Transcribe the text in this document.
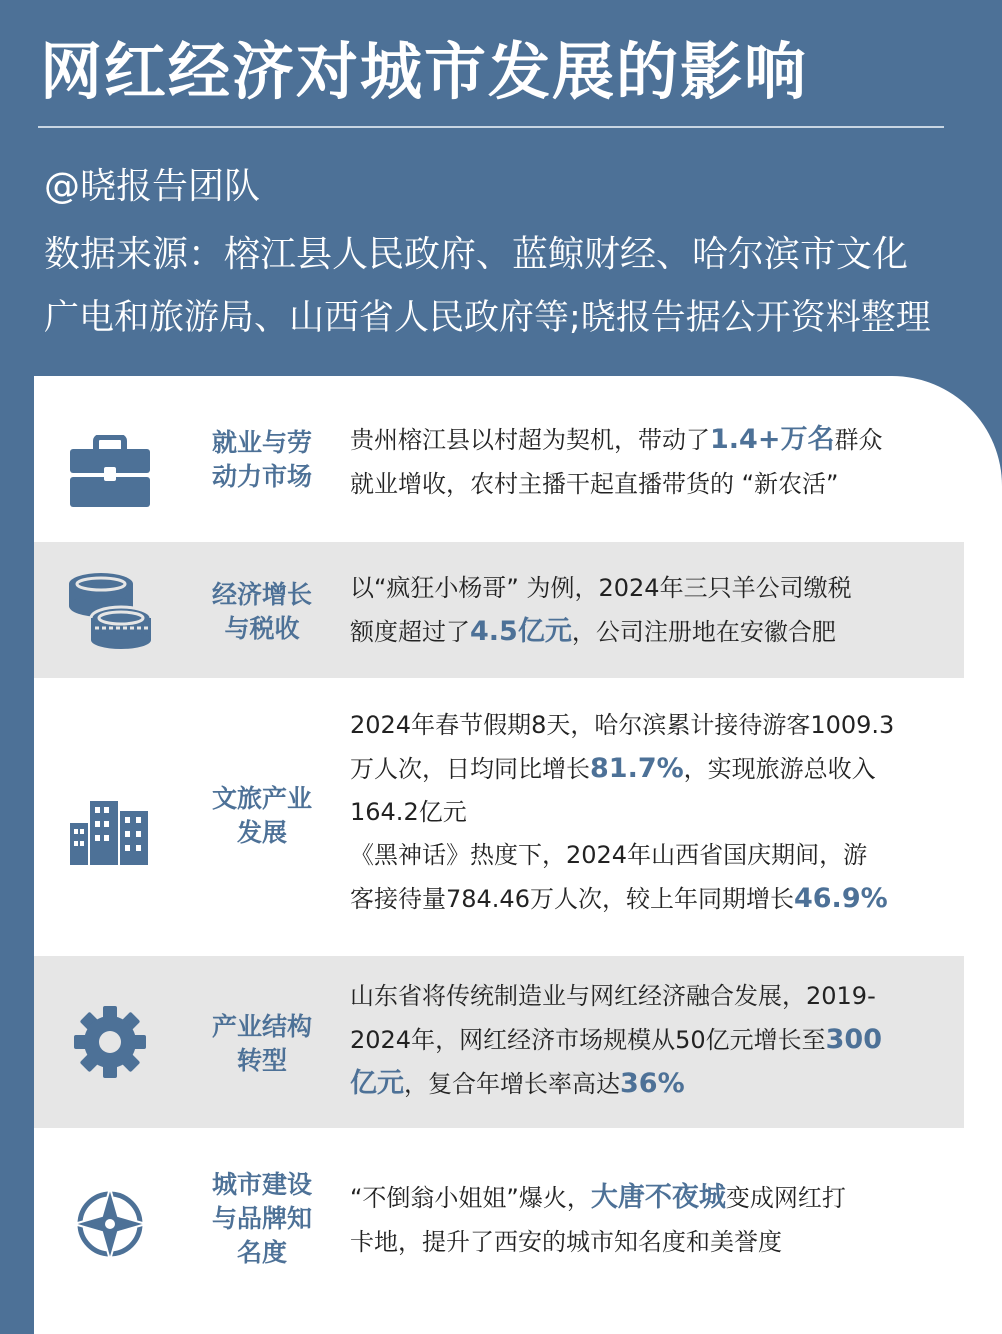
网红经济对城市发展的影响
@晓报告团队
数据来源：榕江县人民政府、蓝鲸财经、哈尔滨市文化
广电和旅游局、山西省人民政府等;晓报告据公开资料整理
就业与劳
动力市场

贵州榕江县以村超为契机，带动了1.4+万名群众

就业增收，农村主播干起直播带货的 “新农活”

经济增长
与税收

以“疯狂小杨哥” 为例，2024年三只羊公司缴税

额度超过了4.5亿元，公司注册地在安徽合肥

文旅产业
发展

2024年春节假期8天，哈尔滨累计接待游客1009.3

万人次，日均同比增长81.7%，实现旅游总收入

164.2亿元

《黑神话》热度下，2024年山西省国庆期间，游

客接待量784.46万人次，较上年同期增长46.9%

产业结构
转型

山东省将传统制造业与网红经济融合发展，2019-

2024年，网红经济市场规模从50亿元增长至300

亿元，复合年增长率高达36%

城市建设
与品牌知
名度

“不倒翁小姐姐”爆火，大唐不夜城变成网红打

卡地，提升了西安的城市知名度和美誉度
